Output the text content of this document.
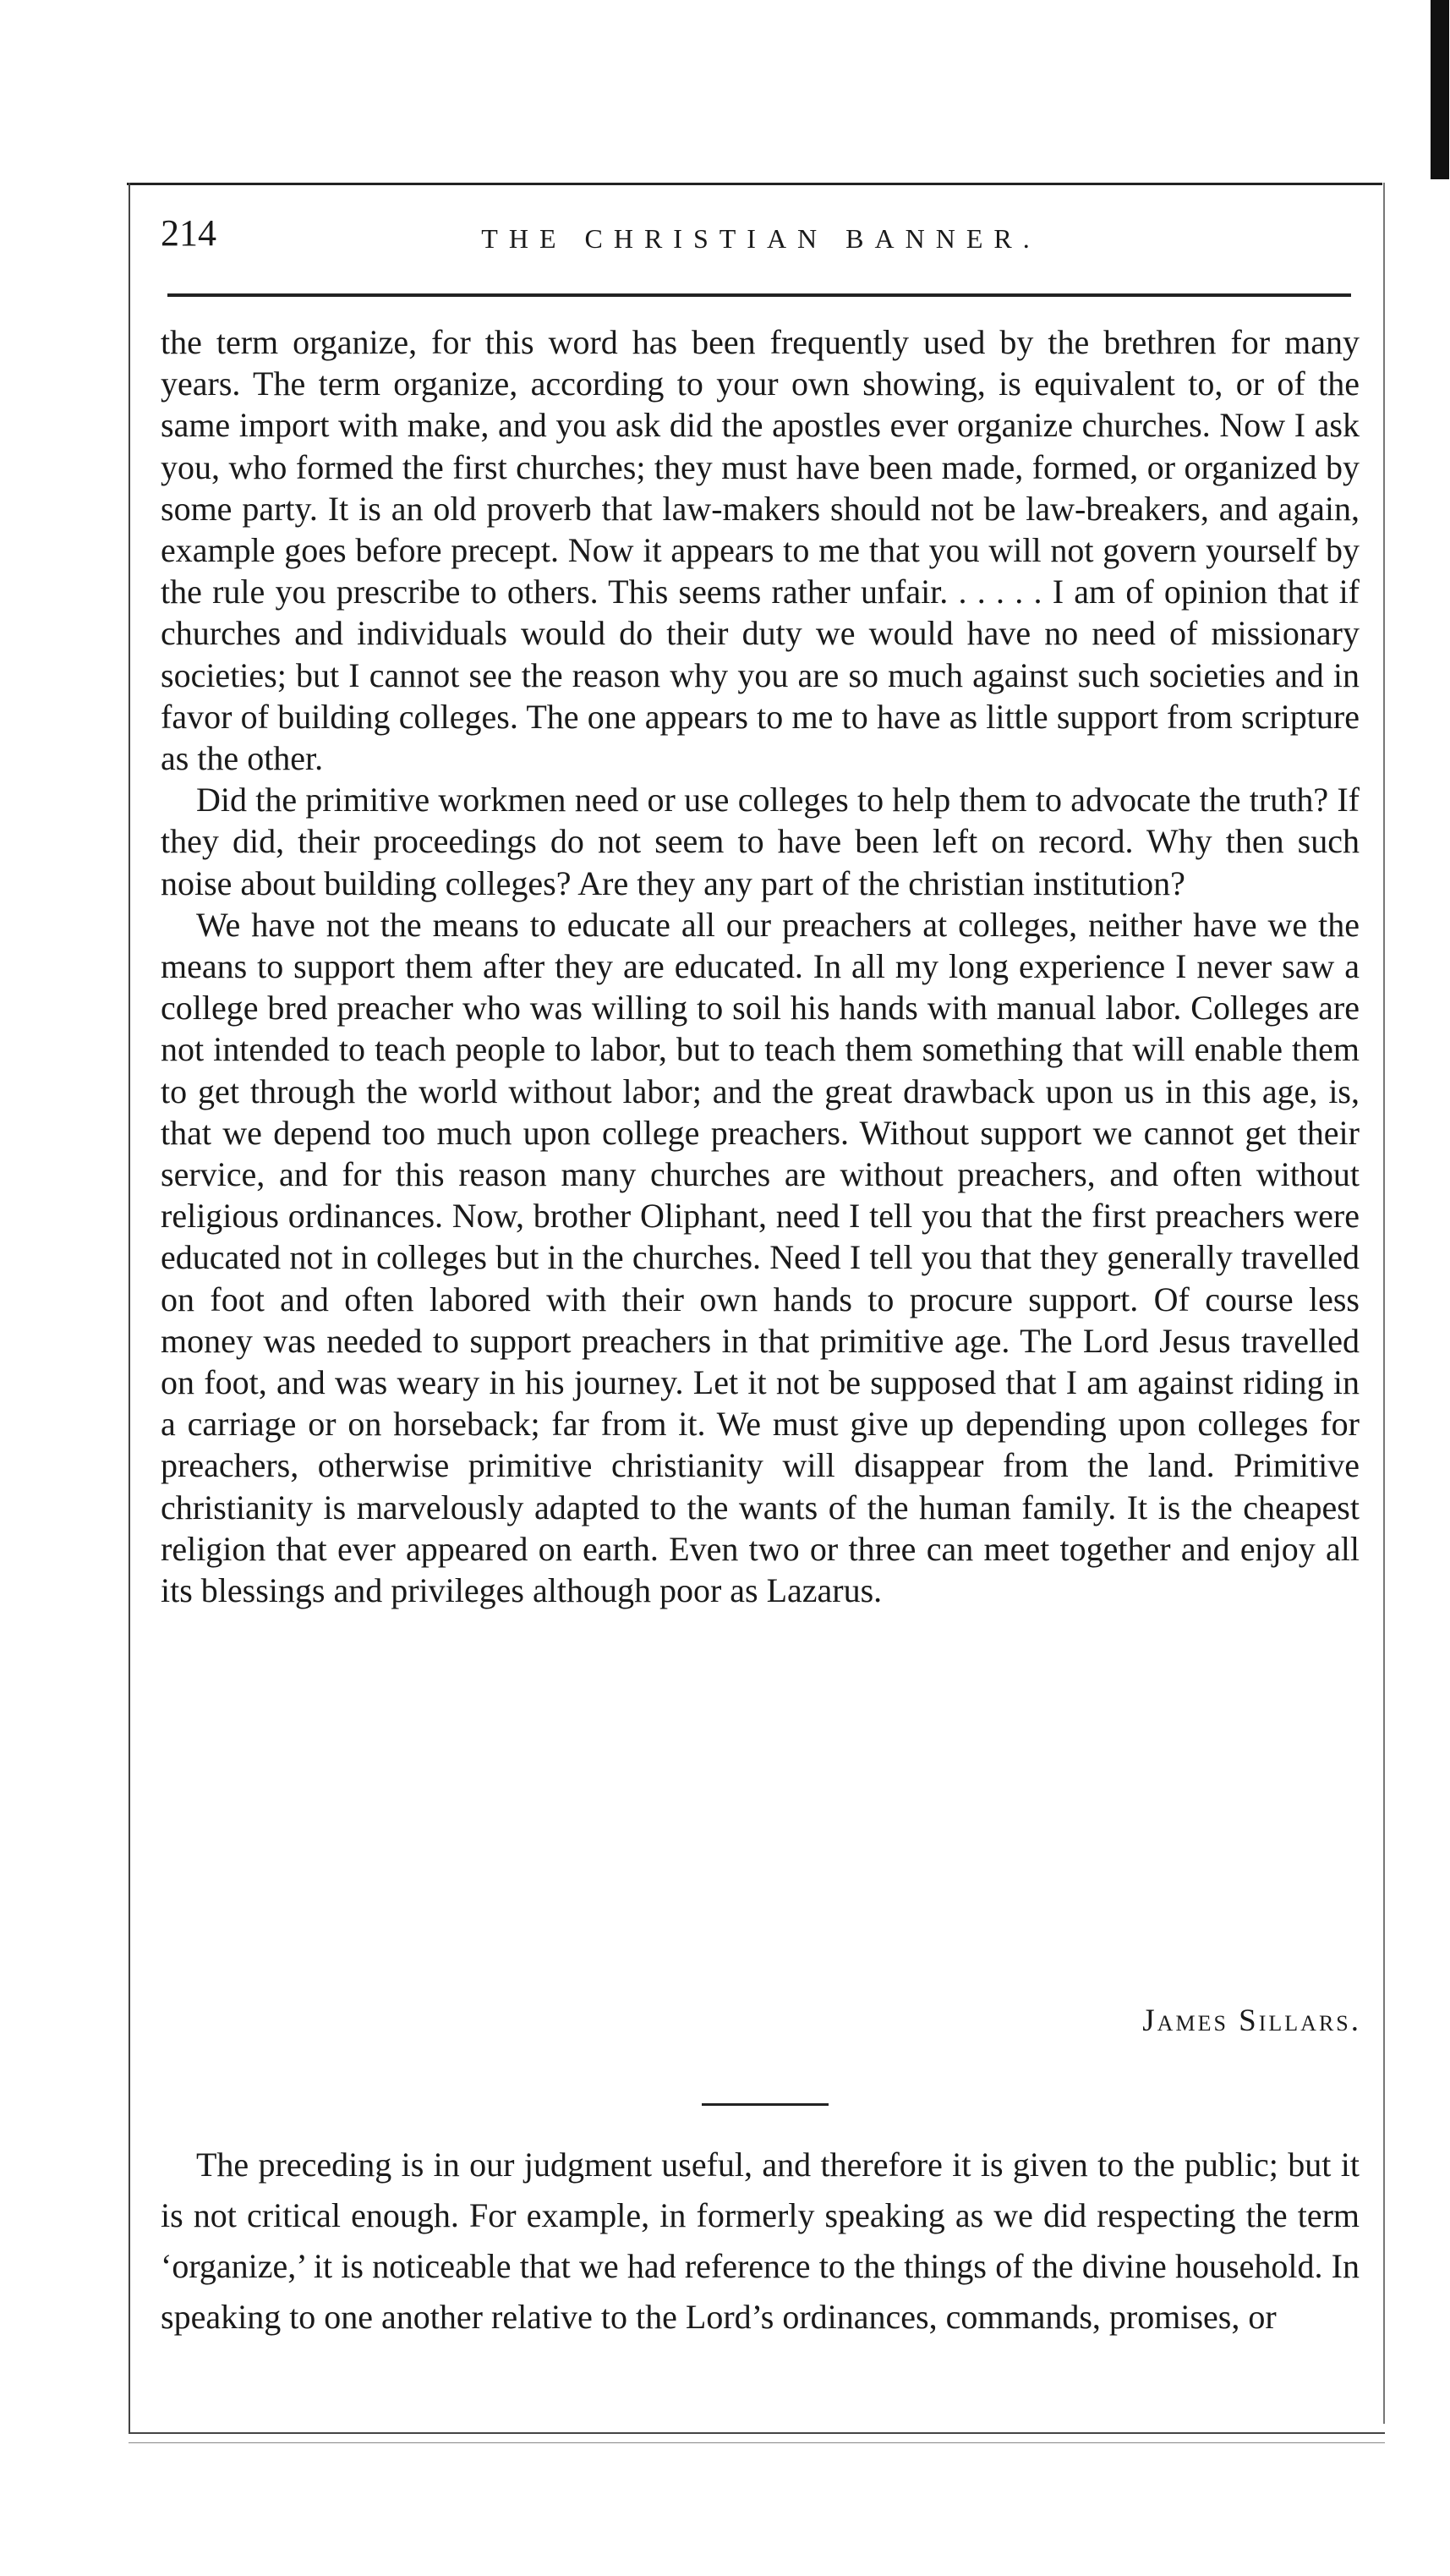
214	THE CHRISTIAN BANNER.

the term organize, for this word has been frequently used by the brethren for many years. The term organize, according to your own showing, is equivalent to, or of the same import with make, and you ask did the apostles ever organize churches. Now I ask you, who formed the first churches; they must have been made, formed, or organized by some party. It is an old proverb that law-makers should not be law-breakers, and again, example goes before precept. Now it appears to me that you will not govern yourself by the rule you prescribe to others. This seems rather unfair. . . . . . I am of opinion that if churches and individuals would do their duty we would have no need of missionary societies; but I cannot see the reason why you are so much against such societies and in favor of building colleges. The one appears to me to have as little support from scripture as the other.

Did the primitive workmen need or use colleges to help them to advocate the truth? If they did, their proceedings do not seem to have been left on record. Why then such noise about building colleges? Are they any part of the christian institution?

We have not the means to educate all our preachers at colleges, neither have we the means to support them after they are educated. In all my long experience I never saw a college bred preacher who was willing to soil his hands with manual labor. Colleges are not intended to teach people to labor, but to teach them something that will enable them to get through the world without labor; and the great drawback upon us in this age, is, that we depend too much upon college preachers. Without support we cannot get their service, and for this reason many churches are without preachers, and often without religious ordinances. Now, brother Oliphant, need I tell you that the first preachers were educated not in colleges but in the churches. Need I tell you that they generally travelled on foot and often labored with their own hands to procure support. Of course less money was needed to support preachers in that primitive age. The Lord Jesus travelled on foot, and was weary in his journey. Let it not be supposed that I am against riding in a carriage or on horseback; far from it. We must give up depending upon colleges for preachers, otherwise primitive christianity will disappear from the land. Primitive christianity is marvelously adapted to the wants of the human family. It is the cheapest religion that ever appeared on earth. Even two or three can meet together and enjoy all its blessings and privileges although poor as Lazarus.

James Sillars.

The preceding is in our judgment useful, and therefore it is given to the public; but it is not critical enough. For example, in formerly speaking as we did respecting the term ‘organize,’ it is noticeable that we had reference to the things of the divine household. In speaking to one another relative to the Lord’s ordinances, commands, promises, or
